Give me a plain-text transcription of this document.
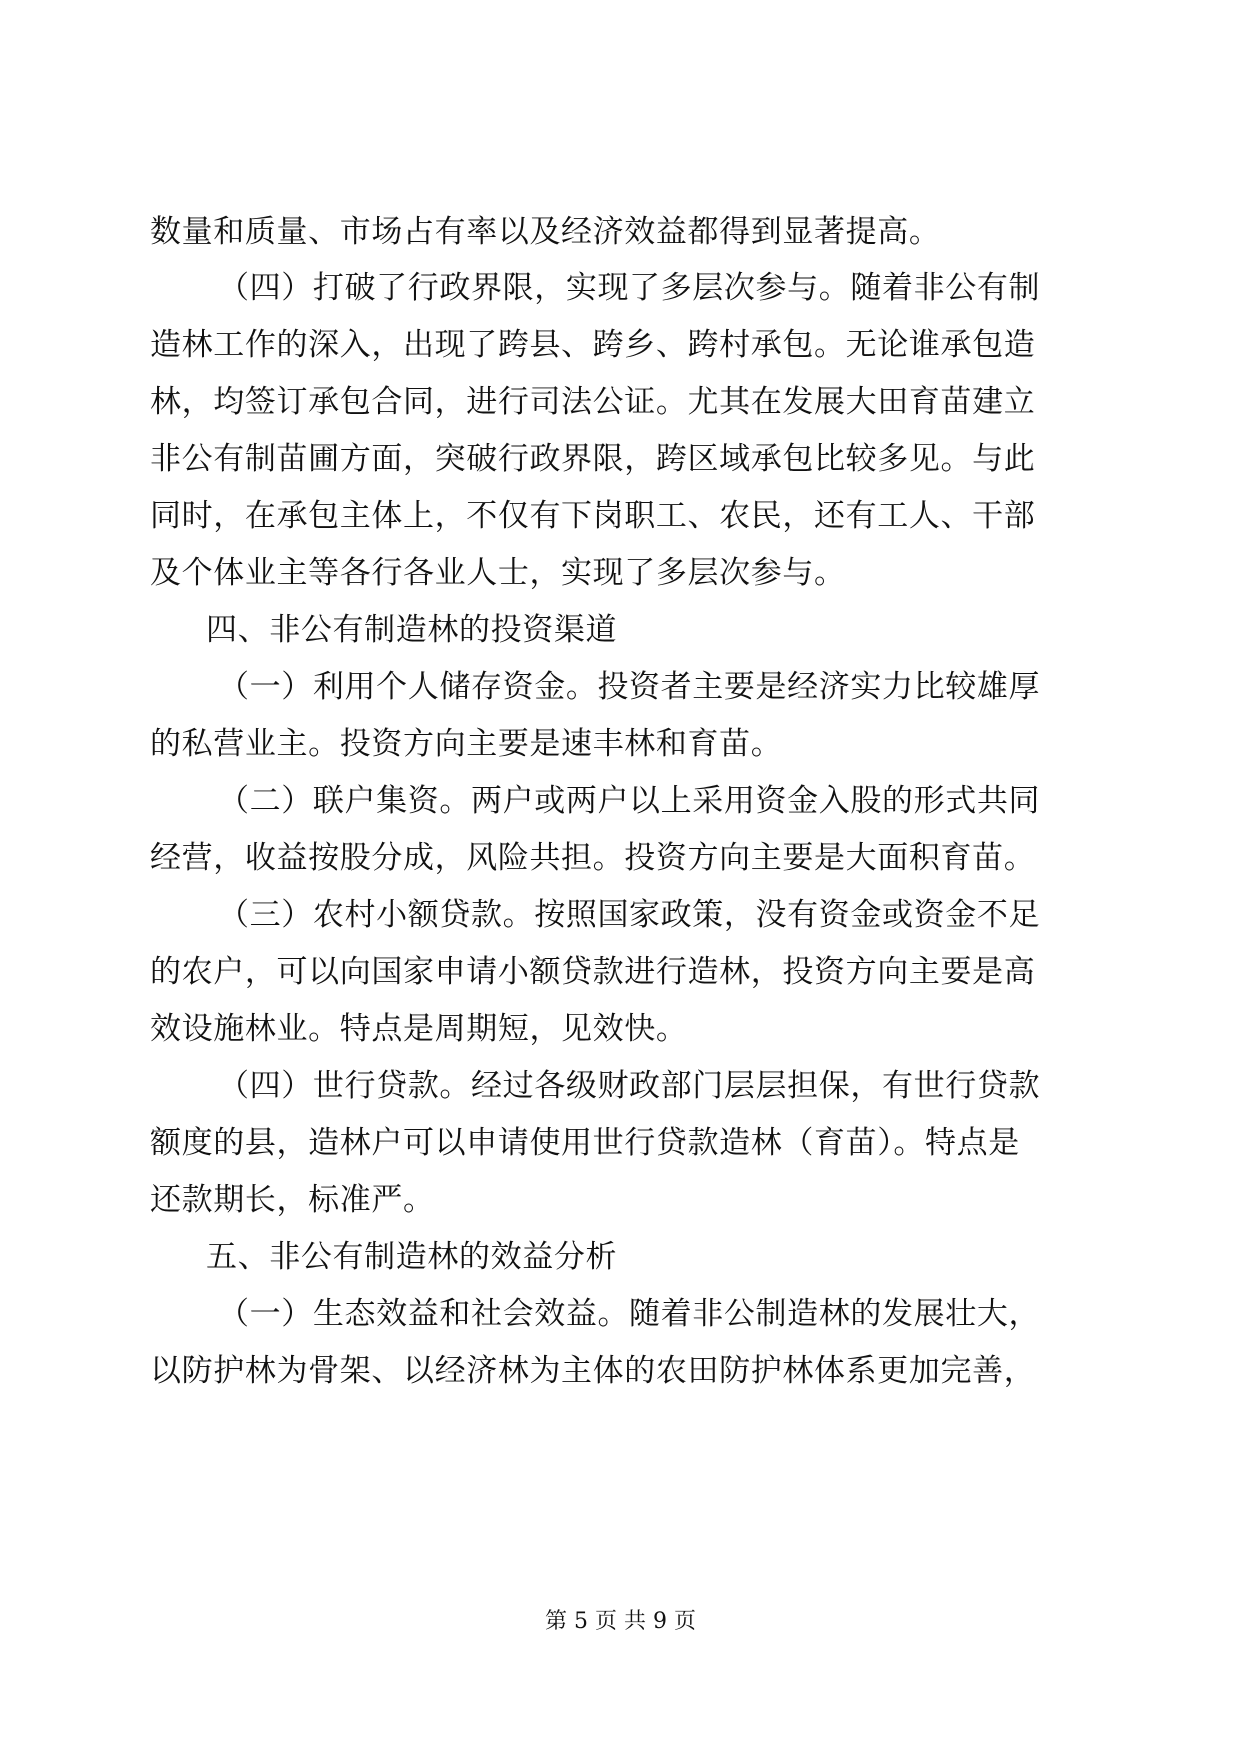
数量和质量、市场占有率以及经济效益都得到显著提高。
（四）打破了行政界限，实现了多层次参与。随着非公有制
造林工作的深入，出现了跨县、跨乡、跨村承包。无论谁承包造
林，均签订承包合同，进行司法公证。尤其在发展大田育苗建立
非公有制苗圃方面，突破行政界限，跨区域承包比较多见。与此
同时，在承包主体上，不仅有下岗职工、农民，还有工人、干部
及个体业主等各行各业人士，实现了多层次参与。
四、非公有制造林的投资渠道
（一）利用个人储存资金。投资者主要是经济实力比较雄厚
的私营业主。投资方向主要是速丰林和育苗。
（二）联户集资。两户或两户以上采用资金入股的形式共同
经营，收益按股分成，风险共担。投资方向主要是大面积育苗。
（三）农村小额贷款。按照国家政策，没有资金或资金不足
的农户，可以向国家申请小额贷款进行造林，投资方向主要是高
效设施林业。特点是周期短，见效快。
（四）世行贷款。经过各级财政部门层层担保，有世行贷款
额度的县，造林户可以申请使用世行贷款造林（育苗）。特点是
还款期长，标准严。
五、非公有制造林的效益分析
（一）生态效益和社会效益。随着非公制造林的发展壮大，
以防护林为骨架、以经济林为主体的农田防护林体系更加完善，
第 5 页 共 9 页
